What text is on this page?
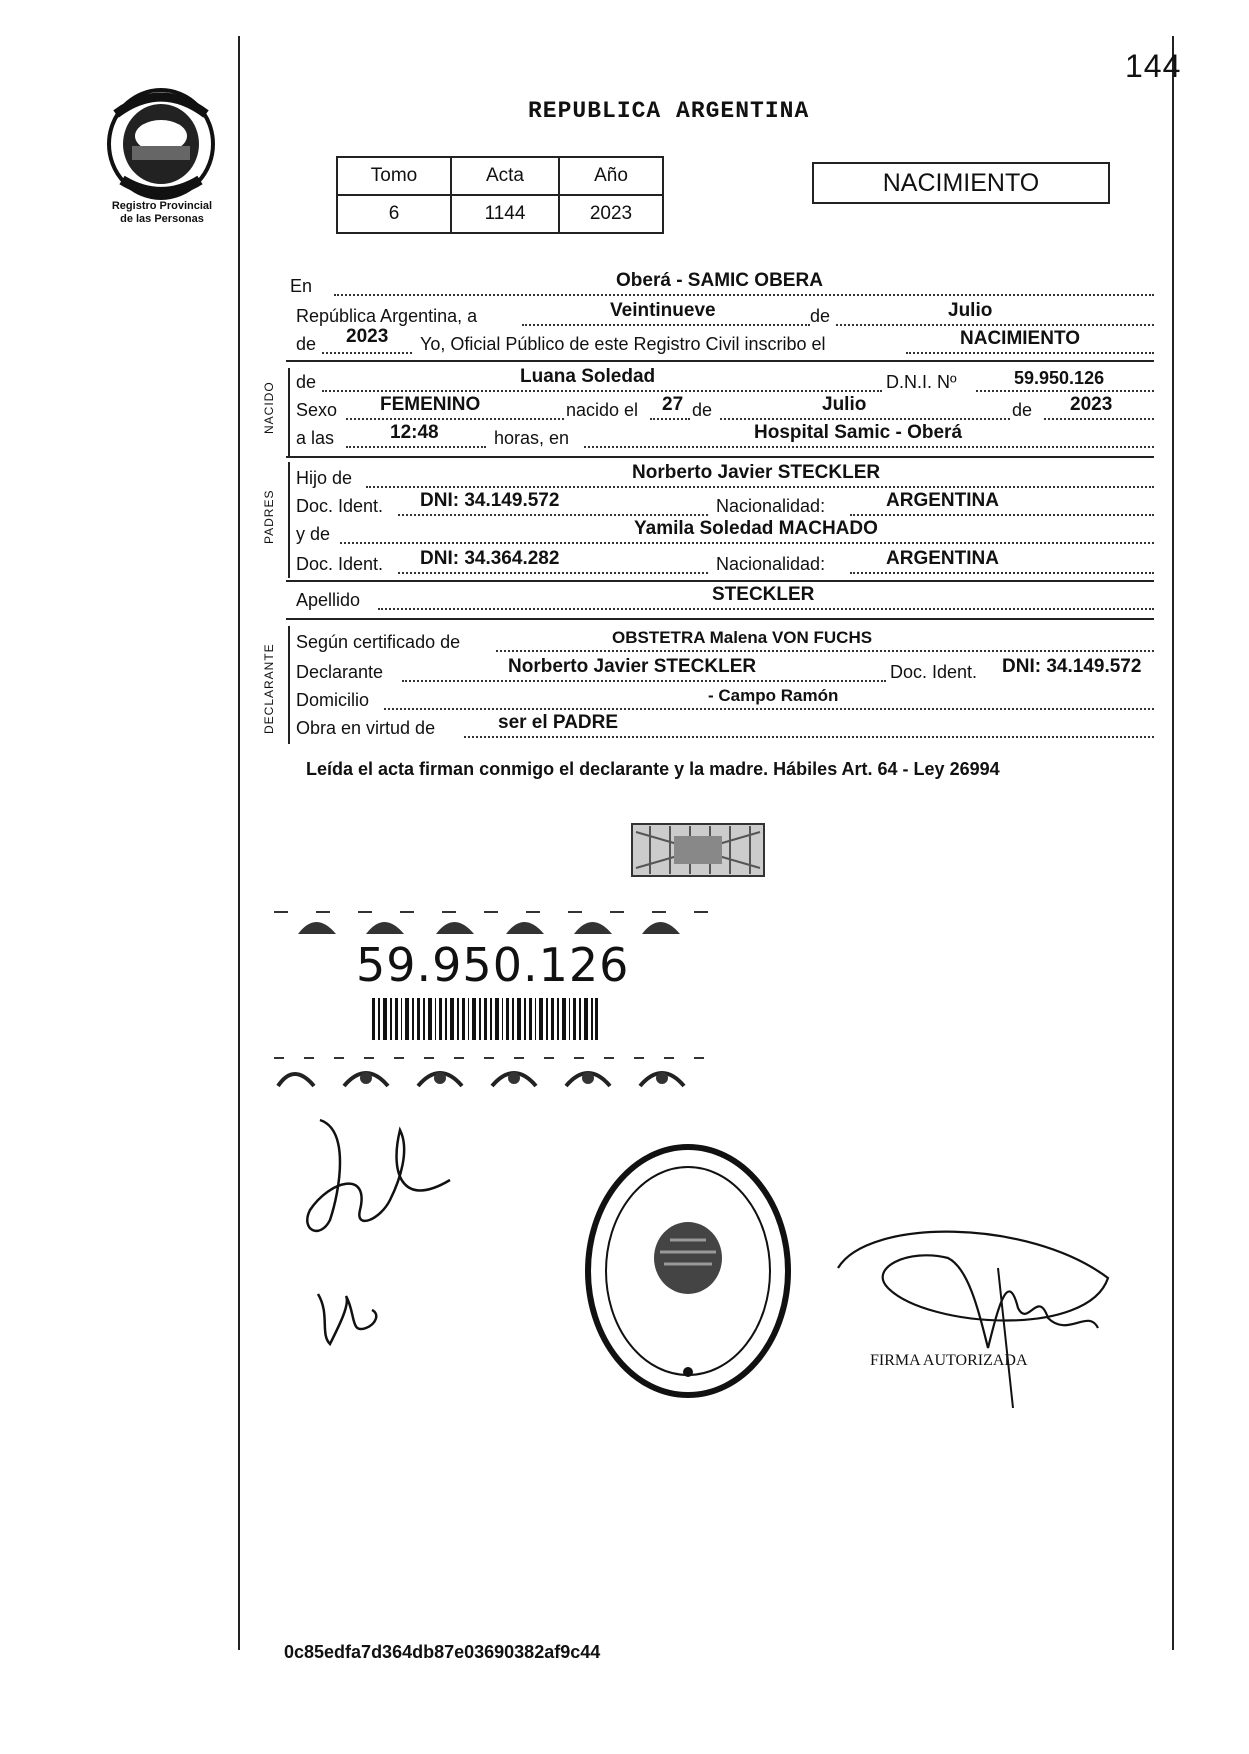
144
REPUBLICA ARGENTINA
Registro Provincial
de las Personas
Tomo	Acta	Año
6	1144	2023
NACIMIENTO
En	Oberá - SAMIC OBERA
República Argentina, a	Veintinueve	de	Julio
de 2023 Yo, Oficial Público de este Registro Civil inscribo el	NACIMIENTO
NACIDO de	Luana Soledad	D.N.I. Nº	59.950.126
Sexo FEMENINO	nacido el 27 de	Julio	de 2023
a las	12:48	horas, en	Hospital Samic - Oberá
PADRES
Hijo de	Norberto Javier STECKLER
Doc. Ident. DNI: 34.149.572	Nacionalidad:	ARGENTINA
y de	Yamila Soledad MACHADO
Doc. Ident. DNI: 34.364.282	Nacionalidad:	ARGENTINA
Apellido	STECKLER
DECLARANTE
Según certificado de	OBSTETRA Malena VON FUCHS
Declarante	Norberto Javier STECKLER	Doc. Ident. DNI: 34.149.572
Domicilio	- Campo Ramón
Obra en virtud de	ser el PADRE
Leída el acta firman conmigo el declarante y la madre. Hábiles Art. 64 - Ley 26994
59.950.126
FIRMA AUTORIZADA
0c85edfa7d364db87e03690382af9c44
